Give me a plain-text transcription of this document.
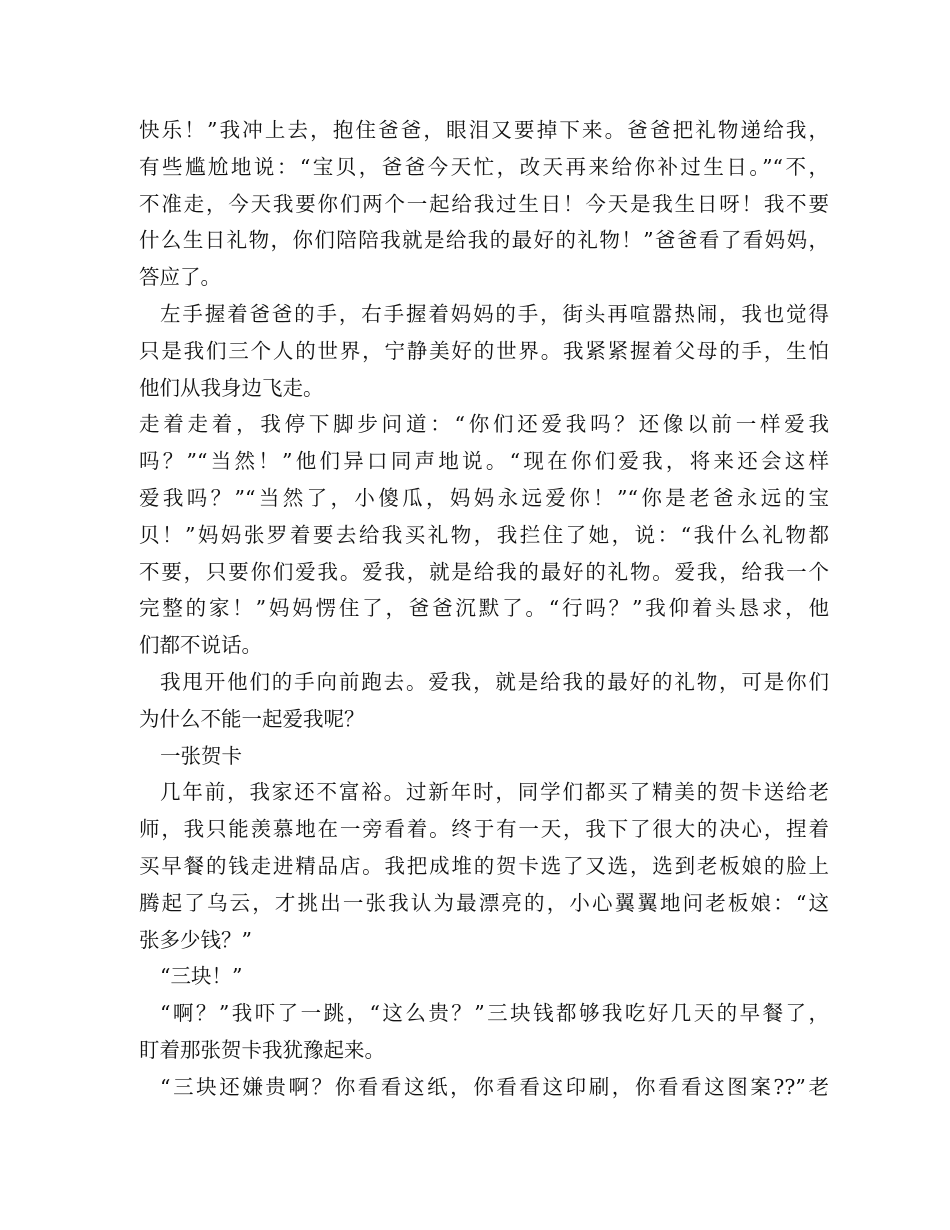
快乐！”我冲上去，抱住爸爸，眼泪又要掉下来。爸爸把礼物递给我，
有些尴尬地说：“宝贝，爸爸今天忙，改天再来给你补过生日。”“不，
不准走，今天我要你们两个一起给我过生日！今天是我生日呀！我不要
什么生日礼物，你们陪陪我就是给我的最好的礼物！”爸爸看了看妈妈，
答应了。
左手握着爸爸的手，右手握着妈妈的手，街头再喧嚣热闹，我也觉得
只是我们三个人的世界，宁静美好的世界。我紧紧握着父母的手，生怕
他们从我身边飞走。
走着走着，我停下脚步问道：“你们还爱我吗？还像以前一样爱我
吗？”“当然！”他们异口同声地说。“现在你们爱我，将来还会这样
爱我吗？”“当然了，小傻瓜，妈妈永远爱你！”“你是老爸永远的宝
贝！”妈妈张罗着要去给我买礼物，我拦住了她，说：“我什么礼物都
不要，只要你们爱我。爱我，就是给我的最好的礼物。爱我，给我一个
完整的家！”妈妈愣住了，爸爸沉默了。“行吗？”我仰着头恳求，他
们都不说话。
我甩开他们的手向前跑去。爱我，就是给我的最好的礼物，可是你们
为什么不能一起爱我呢？
一张贺卡
几年前，我家还不富裕。过新年时，同学们都买了精美的贺卡送给老
师，我只能羡慕地在一旁看着。终于有一天，我下了很大的决心，捏着
买早餐的钱走进精品店。我把成堆的贺卡选了又选，选到老板娘的脸上
腾起了乌云，才挑出一张我认为最漂亮的，小心翼翼地问老板娘：“这
张多少钱？”
“三块！”
“啊？”我吓了一跳，“这么贵？”三块钱都够我吃好几天的早餐了，
盯着那张贺卡我犹豫起来。
“三块还嫌贵啊？你看看这纸，你看看这印刷，你看看这图案??”老
